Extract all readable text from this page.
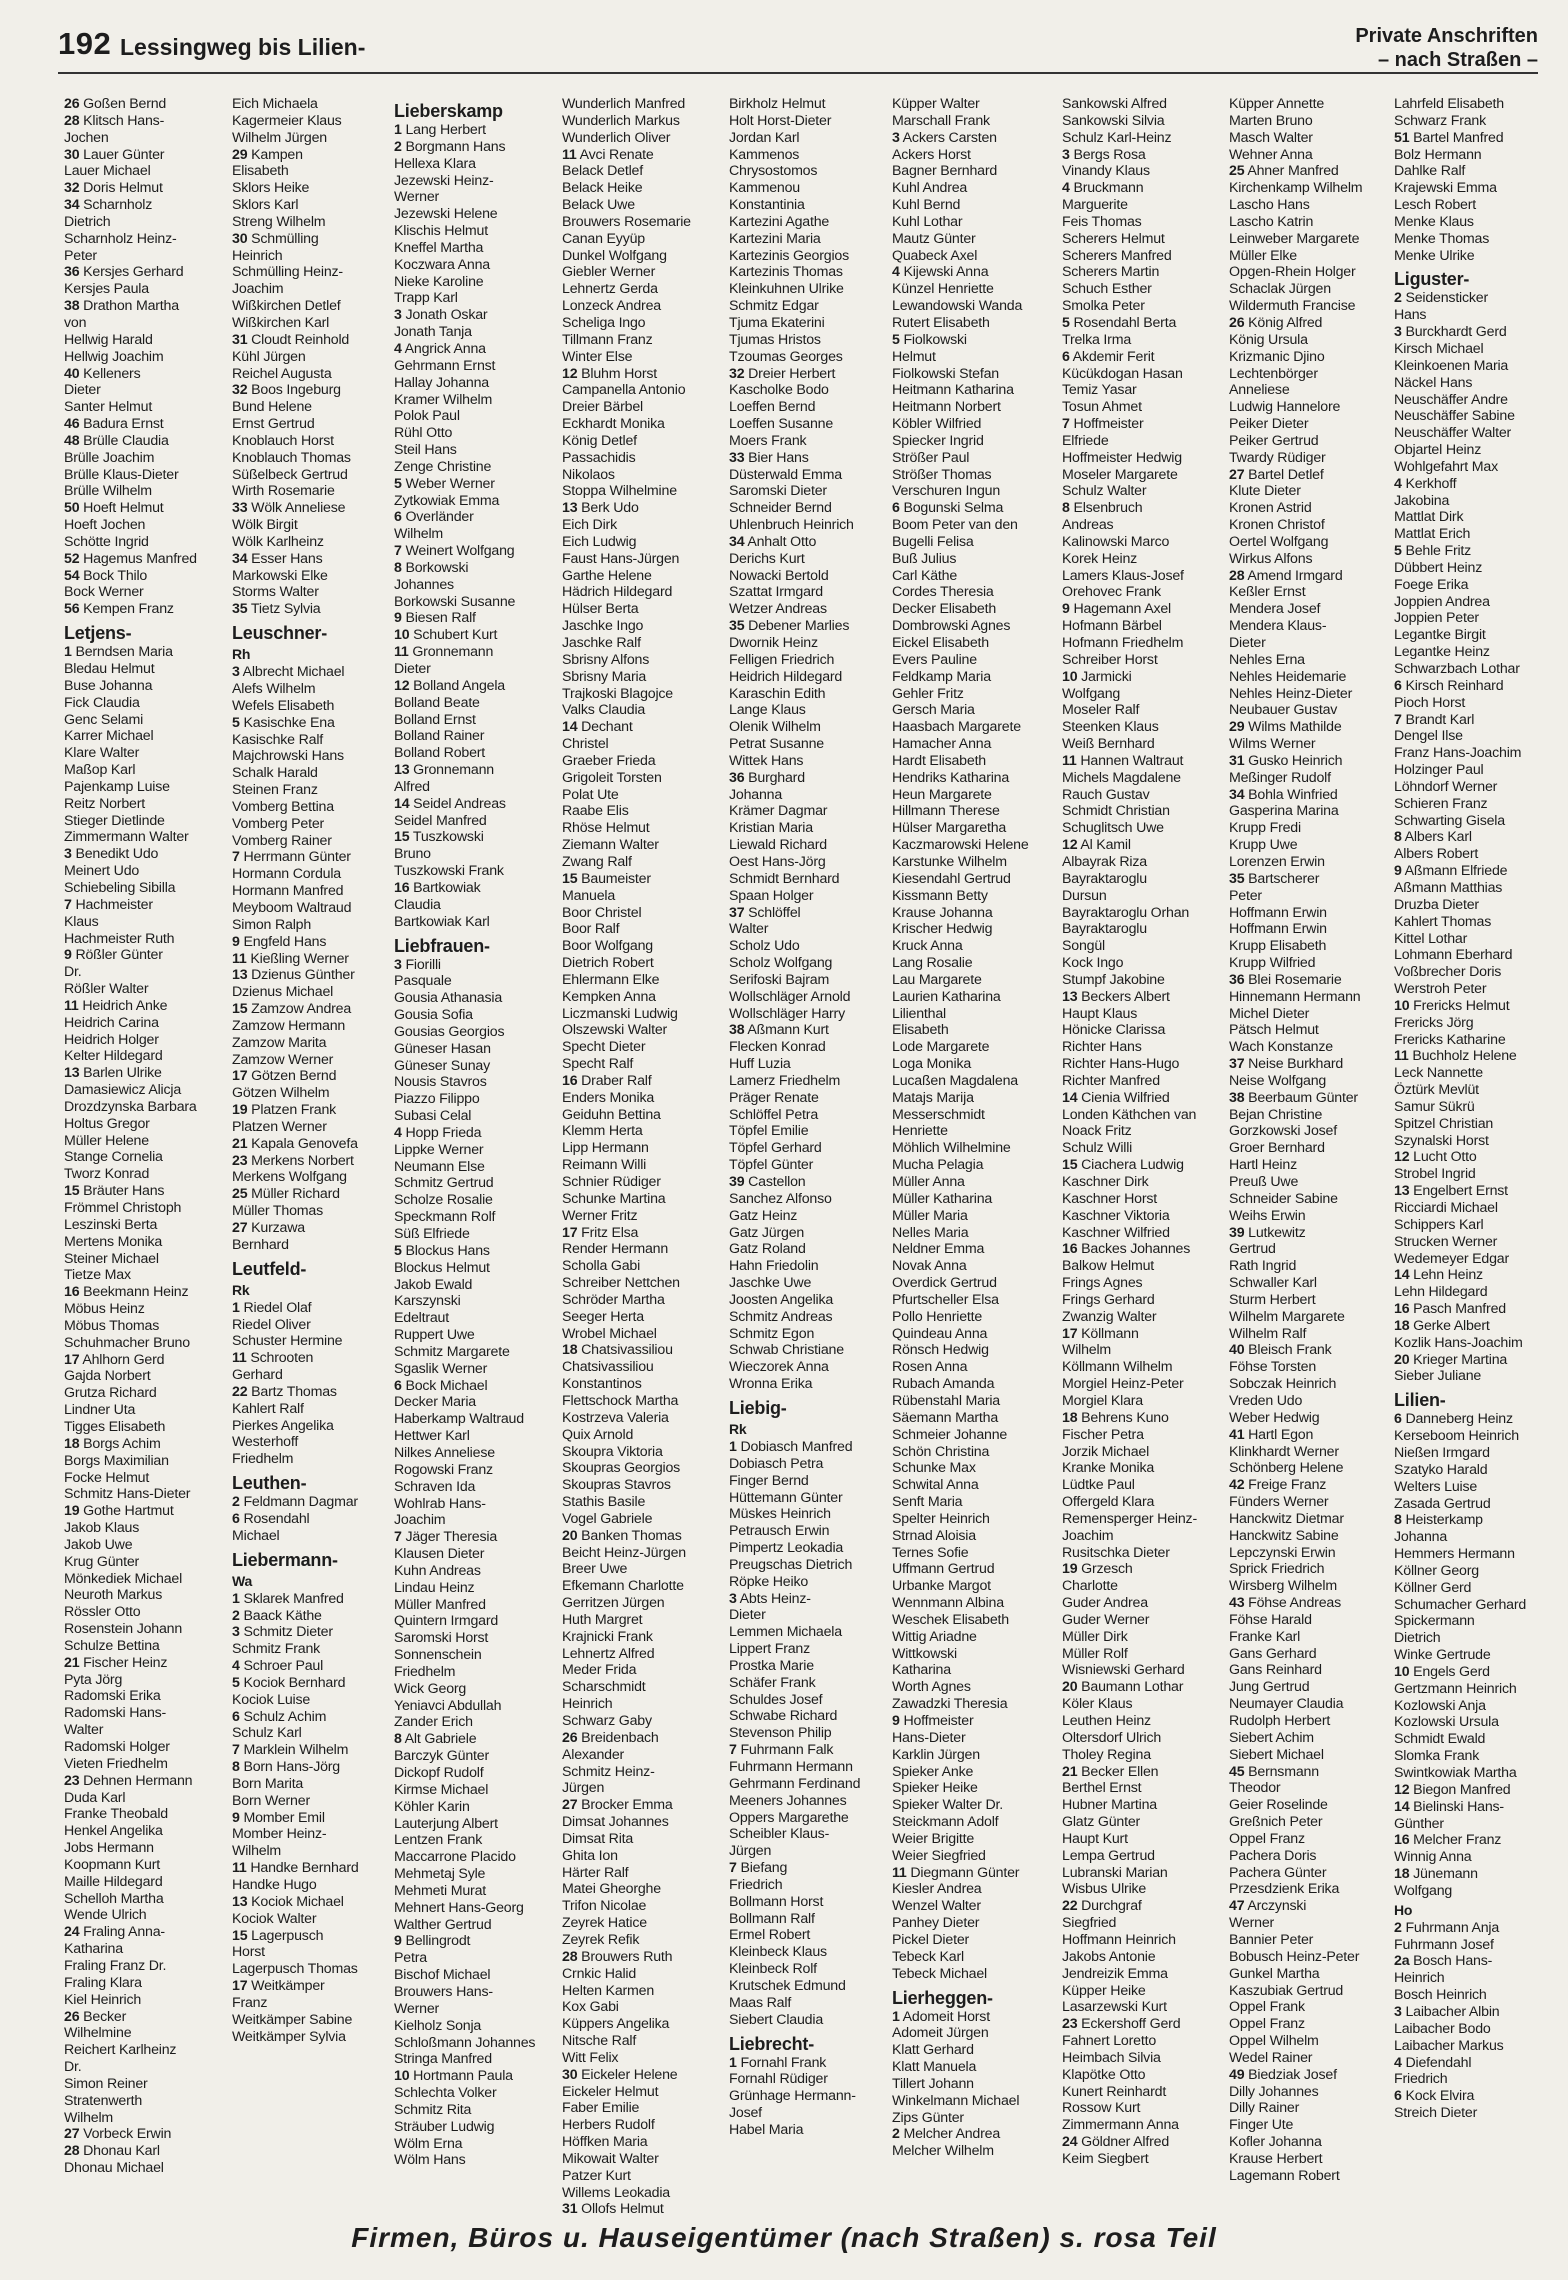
192 Lessingweg bis Lilien-	Private Anschriften
– nach Straßen –
26 Goßen Bernd
28 Klitsch Hans-
Jochen
30 Lauer Günter
Lauer Michael
32 Doris Helmut
34 Scharnholz
Dietrich
Scharnholz Heinz-
Peter
36 Kersjes Gerhard
Kersjes Paula
38 Drathon Martha
von
Hellwig Harald
Hellwig Joachim
40 Kelleners
Dieter
Santer Helmut
46 Badura Ernst
48 Brülle Claudia
Brülle Joachim
Brülle Klaus-Dieter
Brülle Wilhelm
50 Hoeft Helmut
Hoeft Jochen
Schötte Ingrid
52 Hagemus Manfred
54 Bock Thilo
Bock Werner
56 Kempen Franz
Letjens-
1 Berndsen Maria
Bledau Helmut
Buse Johanna
Fick Claudia
Genc Selami
Karrer Michael
Klare Walter
Maßop Karl
Pajenkamp Luise
Reitz Norbert
Stieger Dietlinde
Zimmermann Walter
3 Benedikt Udo
Meinert Udo
Schiebeling Sibilla
7 Hachmeister
Klaus
Hachmeister Ruth
9 Rößler Günter
Dr.
Rößler Walter
11 Heidrich Anke
Heidrich Carina
Heidrich Holger
Kelter Hildegard
13 Barlen Ulrike
Damasiewicz Alicja
Drozdzynska Barbara
Holtus Gregor
Müller Helene
Stange Cornelia
Tworz Konrad
15 Bräuter Hans
Frömmel Christoph
Leszinski Berta
Mertens Monika
Steiner Michael
Tietze Max
16 Beekmann Heinz
Möbus Heinz
Möbus Thomas
Schuhmacher Bruno
17 Ahlhorn Gerd
Gajda Norbert
Grutza Richard
Lindner Uta
Tigges Elisabeth
18 Borgs Achim
Borgs Maximilian
Focke Helmut
Schmitz Hans-Dieter
19 Gothe Hartmut
Jakob Klaus
Jakob Uwe
Krug Günter
Mönkediek Michael
Neuroth Markus
Rössler Otto
Rosenstein Johann
Schulze Bettina
21 Fischer Heinz
Pyta Jörg
Radomski Erika
Radomski Hans-
Walter
Radomski Holger
Vieten Friedhelm
23 Dehnen Hermann
Duda Karl
Franke Theobald
Henkel Angelika
Jobs Hermann
Koopmann Kurt
Maille Hildegard
Schelloh Martha
Wende Ulrich
24 Fraling Anna-
Katharina
Fraling Franz Dr.
Fraling Klara
Kiel Heinrich
26 Becker
Wilhelmine
Reichert Karlheinz
Dr.
Simon Reiner
Stratenwerth
Wilhelm
27 Vorbeck Erwin
28 Dhonau Karl
Dhonau Michael
Eich Michaela
Kagermeier Klaus
Wilhelm Jürgen
29 Kampen
Elisabeth
Sklors Heike
Sklors Karl
Streng Wilhelm
30 Schmülling
Heinrich
Schmülling Heinz-
Joachim
Wißkirchen Detlef
Wißkirchen Karl
31 Cloudt Reinhold
Kühl Jürgen
Reichel Augusta
32 Boos Ingeburg
Bund Helene
Ernst Gertrud
Knoblauch Horst
Knoblauch Thomas
Süßelbeck Gertrud
Wirth Rosemarie
33 Wölk Anneliese
Wölk Birgit
Wölk Karlheinz
34 Esser Hans
Markowski Elke
Storms Walter
35 Tietz Sylvia
Leuschner-
Rh
3 Albrecht Michael
Alefs Wilhelm
Wefels Elisabeth
5 Kasischke Ena
Kasischke Ralf
Majchrowski Hans
Schalk Harald
Steinen Franz
Vomberg Bettina
Vomberg Peter
Vomberg Rainer
7 Herrmann Günter
Hormann Cordula
Hormann Manfred
Meyboom Waltraud
Simon Ralph
9 Engfeld Hans
11 Kießling Werner
13 Dzienus Günther
Dzienus Michael
15 Zamzow Andrea
Zamzow Hermann
Zamzow Marita
Zamzow Werner
17 Götzen Bernd
Götzen Wilhelm
19 Platzen Frank
Platzen Werner
21 Kapala Genovefa
23 Merkens Norbert
Merkens Wolfgang
25 Müller Richard
Müller Thomas
27 Kurzawa
Bernhard
Leutfeld-
Rk
1 Riedel Olaf
Riedel Oliver
Schuster Hermine
11 Schrooten
Gerhard
22 Bartz Thomas
Kahlert Ralf
Pierkes Angelika
Westerhoff
Friedhelm
Leuthen-
2 Feldmann Dagmar
6 Rosendahl
Michael
Liebermann-
Wa
1 Sklarek Manfred
2 Baack Käthe
3 Schmitz Dieter
Schmitz Frank
4 Schroer Paul
5 Kociok Bernhard
Kociok Luise
6 Schulz Achim
Schulz Karl
7 Marklein Wilhelm
8 Born Hans-Jörg
Born Marita
Born Werner
9 Momber Emil
Momber Heinz-
Wilhelm
11 Handke Bernhard
Handke Hugo
13 Kociok Michael
Kociok Walter
15 Lagerpusch
Horst
Lagerpusch Thomas
17 Weitkämper
Franz
Weitkämper Sabine
Weitkämper Sylvia
Lieberskamp
1 Lang Herbert
2 Borgmann Hans
Hellexa Klara
Jezewski Heinz-
Werner
Jezewski Helene
Klischis Helmut
Kneffel Martha
Koczwara Anna
Nieke Karoline
Trapp Karl
3 Jonath Oskar
Jonath Tanja
4 Angrick Anna
Gehrmann Ernst
Hallay Johanna
Kramer Wilhelm
Polok Paul
Rühl Otto
Steil Hans
Zenge Christine
5 Weber Werner
Zytkowiak Emma
6 Overländer
Wilhelm
7 Weinert Wolfgang
8 Borkowski
Johannes
Borkowski Susanne
9 Biesen Ralf
10 Schubert Kurt
11 Gronnemann
Dieter
12 Bolland Angela
Bolland Beate
Bolland Ernst
Bolland Rainer
Bolland Robert
13 Gronnemann
Alfred
14 Seidel Andreas
Seidel Manfred
15 Tuszkowski
Bruno
Tuszkowski Frank
16 Bartkowiak
Claudia
Bartkowiak Karl
Liebfrauen-
3 Fiorilli
Pasquale
Gousia Athanasia
Gousia Sofia
Gousias Georgios
Güneser Hasan
Güneser Sunay
Nousis Stavros
Piazzo Filippo
Subasi Celal
4 Hopp Frieda
Lippke Werner
Neumann Else
Schmitz Gertrud
Scholze Rosalie
Speckmann Rolf
Süß Elfriede
5 Blockus Hans
Blockus Helmut
Jakob Ewald
Karszynski
Edeltraut
Ruppert Uwe
Schmitz Margarete
Sgaslik Werner
6 Bock Michael
Decker Maria
Haberkamp Waltraud
Hettwer Karl
Nilkes Anneliese
Rogowski Franz
Schraven Ida
Wohlrab Hans-
Joachim
7 Jäger Theresia
Klausen Dieter
Kuhn Andreas
Lindau Heinz
Müller Manfred
Quintern Irmgard
Saromski Horst
Sonnenschein
Friedhelm
Wick Georg
Yeniavci Abdullah
Zander Erich
8 Alt Gabriele
Barczyk Günter
Dickopf Rudolf
Kirmse Michael
Köhler Karin
Lauterjung Albert
Lentzen Frank
Maccarrone Placido
Mehmetaj Syle
Mehmeti Murat
Mehnert Hans-Georg
Walther Gertrud
9 Bellingrodt
Petra
Bischof Michael
Brouwers Hans-
Werner
Kielholz Sonja
Schloßmann Johannes
Stringa Manfred
10 Hortmann Paula
Schlechta Volker
Schmitz Rita
Sträuber Ludwig
Wölm Erna
Wölm Hans
Wunderlich Manfred
Wunderlich Markus
Wunderlich Oliver
11 Avci Renate
Belack Detlef
Belack Heike
Belack Uwe
Brouwers Rosemarie
Canan Eyyüp
Dunkel Wolfgang
Giebler Werner
Lehnertz Gerda
Lonzeck Andrea
Scheliga Ingo
Tillmann Franz
Winter Else
12 Bluhm Horst
Campanella Antonio
Dreier Bärbel
Eckhardt Monika
König Detlef
Passachidis
Nikolaos
Stoppa Wilhelmine
13 Berk Udo
Eich Dirk
Eich Ludwig
Faust Hans-Jürgen
Garthe Helene
Hädrich Hildegard
Hülser Berta
Jaschke Ingo
Jaschke Ralf
Sbrisny Alfons
Sbrisny Maria
Trajkoski Blagojce
Valks Claudia
14 Dechant
Christel
Graeber Frieda
Grigoleit Torsten
Polat Ute
Raabe Elis
Rhöse Helmut
Ziemann Walter
Zwang Ralf
15 Baumeister
Manuela
Boor Christel
Boor Ralf
Boor Wolfgang
Dietrich Robert
Ehlermann Elke
Kempken Anna
Liczmanski Ludwig
Olszewski Walter
Specht Dieter
Specht Ralf
16 Draber Ralf
Enders Monika
Geiduhn Bettina
Klemm Herta
Lipp Hermann
Reimann Willi
Schnier Rüdiger
Schunke Martina
Werner Fritz
17 Fritz Elsa
Render Hermann
Scholla Gabi
Schreiber Nettchen
Schröder Martha
Seeger Herta
Wrobel Michael
18 Chatsivassiliou
Chatsivassiliou
Konstantinos
Flettschock Martha
Kostrzeva Valeria
Quix Arnold
Skoupra Viktoria
Skoupras Georgios
Skoupras Stavros
Stathis Basile
Vogel Gabriele
20 Banken Thomas
Beicht Heinz-Jürgen
Breer Uwe
Efkemann Charlotte
Gerritzen Jürgen
Huth Margret
Krajnicki Frank
Lehnertz Alfred
Meder Frida
Scharschmidt
Heinrich
Schwarz Gaby
26 Breidenbach
Alexander
Schmitz Heinz-
Jürgen
27 Brocker Emma
Dimsat Johannes
Dimsat Rita
Ghita Ion
Härter Ralf
Matei Gheorghe
Trifon Nicolae
Zeyrek Hatice
Zeyrek Refik
28 Brouwers Ruth
Crnkic Halid
Helten Karmen
Kox Gabi
Küppers Angelika
Nitsche Ralf
Witt Felix
30 Eickeler Helene
Eickeler Helmut
Faber Emilie
Herbers Rudolf
Höffken Maria
Mikowait Walter
Patzer Kurt
Willems Leokadia
31 Ollofs Helmut
Birkholz Helmut
Holt Horst-Dieter
Jordan Karl
Kammenos
Chrysostomos
Kammenou
Konstantinia
Kartezini Agathe
Kartezini Maria
Kartezinis Georgios
Kartezinis Thomas
Kleinkuhnen Ulrike
Schmitz Edgar
Tjuma Ekaterini
Tjumas Hristos
Tzoumas Georges
32 Dreier Herbert
Kascholke Bodo
Loeffen Bernd
Loeffen Susanne
Moers Frank
33 Bier Hans
Düsterwald Emma
Saromski Dieter
Schneider Bernd
Uhlenbruch Heinrich
34 Anhalt Otto
Derichs Kurt
Nowacki Bertold
Szattat Irmgard
Wetzer Andreas
35 Debener Marlies
Dwornik Heinz
Felligen Friedrich
Heidrich Hildegard
Karaschin Edith
Lange Klaus
Olenik Wilhelm
Petrat Susanne
Wittek Hans
36 Burghard
Johanna
Krämer Dagmar
Kristian Maria
Liewald Richard
Oest Hans-Jörg
Schmidt Bernhard
Spaan Holger
37 Schlöffel
Walter
Scholz Udo
Scholz Wolfgang
Serifoski Bajram
Wollschläger Arnold
Wollschläger Harry
38 Aßmann Kurt
Flecken Konrad
Huff Luzia
Lamerz Friedhelm
Präger Renate
Schlöffel Petra
Töpfel Emilie
Töpfel Gerhard
Töpfel Günter
39 Castellon
Sanchez Alfonso
Gatz Heinz
Gatz Jürgen
Gatz Roland
Hahn Friedolin
Jaschke Uwe
Joosten Angelika
Schmitz Andreas
Schmitz Egon
Schwab Christiane
Wieczorek Anna
Wronna Erika
Liebig-
Rk
1 Dobiasch Manfred
Dobiasch Petra
Finger Bernd
Hüttemann Günter
Müskes Heinrich
Petrausch Erwin
Pimpertz Leokadia
Preugschas Dietrich
Röpke Heiko
3 Abts Heinz-
Dieter
Lemmen Michaela
Lippert Franz
Prostka Marie
Schäfer Frank
Schuldes Josef
Schwabe Richard
Stevenson Philip
7 Fuhrmann Falk
Fuhrmann Hermann
Gehrmann Ferdinand
Meeners Johannes
Oppers Margarethe
Scheibler Klaus-
Jürgen
7 Biefang
Friedrich
Bollmann Horst
Bollmann Ralf
Ermel Robert
Kleinbeck Klaus
Kleinbeck Rolf
Krutschek Edmund
Maas Ralf
Siebert Claudia
Liebrecht-
1 Fornahl Frank
Fornahl Rüdiger
Grünhage Hermann-
Josef
Habel Maria
Küpper Walter
Marschall Frank
3 Ackers Carsten
Ackers Horst
Bagner Bernhard
Kuhl Andrea
Kuhl Bernd
Kuhl Lothar
Mautz Günter
Quabeck Axel
4 Kijewski Anna
Künzel Henriette
Lewandowski Wanda
Rutert Elisabeth
5 Fiolkowski
Helmut
Fiolkowski Stefan
Heitmann Katharina
Heitmann Norbert
Köbler Wilfried
Spiecker Ingrid
Strößer Paul
Strößer Thomas
Verschuren Ingun
6 Bogunski Selma
Boom Peter van den
Bugelli Felisa
Buß Julius
Carl Käthe
Cordes Theresia
Decker Elisabeth
Dombrowski Agnes
Eickel Elisabeth
Evers Pauline
Feldkamp Maria
Gehler Fritz
Gersch Maria
Haasbach Margarete
Hamacher Anna
Hardt Elisabeth
Hendriks Katharina
Heun Margarete
Hillmann Therese
Hülser Margaretha
Kaczmarowski Helene
Karstunke Wilhelm
Kiesendahl Gertrud
Kissmann Betty
Krause Johanna
Krischer Hedwig
Kruck Anna
Lang Rosalie
Lau Margarete
Laurien Katharina
Lilienthal
Elisabeth
Lode Margarete
Loga Monika
Lucaßen Magdalena
Matajs Marija
Messerschmidt
Henriette
Möhlich Wilhelmine
Mucha Pelagia
Müller Anna
Müller Katharina
Müller Maria
Nelles Maria
Neldner Emma
Novak Anna
Overdick Gertrud
Pfurtscheller Elsa
Pollo Henriette
Quindeau Anna
Rönsch Hedwig
Rosen Anna
Rubach Amanda
Rübenstahl Maria
Säemann Martha
Schmeier Johanne
Schön Christina
Schunke Max
Schwital Anna
Senft Maria
Spelter Heinrich
Strnad Aloisia
Ternes Sofie
Uffmann Gertrud
Urbanke Margot
Wennmann Albina
Weschek Elisabeth
Wittig Ariadne
Wittkowski
Katharina
Worth Agnes
Zawadzki Theresia
9 Hoffmeister
Hans-Dieter
Karklin Jürgen
Spieker Anke
Spieker Heike
Spieker Walter Dr.
Steickmann Adolf
Weier Brigitte
Weier Siegfried
11 Diegmann Günter
Kiesler Andrea
Wenzel Walter
Panhey Dieter
Pickel Dieter
Tebeck Karl
Tebeck Michael
Lierheggen-
1 Adomeit Horst
Adomeit Jürgen
Klatt Gerhard
Klatt Manuela
Tillert Johann
Winkelmann Michael
Zips Günter
2 Melcher Andrea
Melcher Wilhelm
Sankowski Alfred
Sankowski Silvia
Schulz Karl-Heinz
3 Bergs Rosa
Vinandy Klaus
4 Bruckmann
Marguerite
Feis Thomas
Scherers Helmut
Scherers Manfred
Scherers Martin
Schuch Esther
Smolka Peter
5 Rosendahl Berta
Trelka Irma
6 Akdemir Ferit
Kücükdogan Hasan
Temiz Yasar
Tosun Ahmet
7 Hoffmeister
Elfriede
Hoffmeister Hedwig
Moseler Margarete
Schulz Walter
8 Elsenbruch
Andreas
Kalinowski Marco
Korek Heinz
Lamers Klaus-Josef
Orehovec Frank
9 Hagemann Axel
Hofmann Bärbel
Hofmann Friedhelm
Schreiber Horst
10 Jarmicki
Wolfgang
Moseler Ralf
Steenken Klaus
Weiß Bernhard
11 Hannen Waltraut
Michels Magdalene
Rauch Gustav
Schmidt Christian
Schuglitsch Uwe
12 Al Kamil
Albayrak Riza
Bayraktaroglu
Dursun
Bayraktaroglu Orhan
Bayraktaroglu
Songül
Kock Ingo
Stumpf Jakobine
13 Beckers Albert
Haupt Klaus
Hönicke Clarissa
Richter Hans
Richter Hans-Hugo
Richter Manfred
14 Cienia Wilfried
Londen Käthchen van
Noack Fritz
Schulz Willi
15 Ciachera Ludwig
Kaschner Dirk
Kaschner Horst
Kaschner Viktoria
Kaschner Wilfried
16 Backes Johannes
Balkow Helmut
Frings Agnes
Frings Gerhard
Zwanzig Walter
17 Köllmann
Wilhelm
Köllmann Wilhelm
Morgiel Heinz-Peter
Morgiel Klara
18 Behrens Kuno
Fischer Petra
Jorzik Michael
Kranke Monika
Lüdtke Paul
Offergeld Klara
Remensperger Heinz-
Joachim
Rusitschka Dieter
19 Grzesch
Charlotte
Guder Andrea
Guder Werner
Müller Dirk
Müller Rolf
Wisniewski Gerhard
20 Baumann Lothar
Köler Klaus
Leuthen Heinz
Oltersdorf Ulrich
Tholey Regina
21 Becker Ellen
Berthel Ernst
Hubner Martina
Glatz Günter
Haupt Kurt
Lempa Gertrud
Lubranski Marian
Wisbus Ulrike
22 Durchgraf
Siegfried
Hoffmann Heinrich
Jakobs Antonie
Jendreizik Emma
Küpper Heike
Lasarzewski Kurt
23 Eckershoff Gerd
Fahnert Loretto
Heimbach Silvia
Klapötke Otto
Kunert Reinhardt
Rossow Kurt
Zimmermann Anna
24 Göldner Alfred
Keim Siegbert
Küpper Annette
Marten Bruno
Masch Walter
Wehner Anna
25 Ahner Manfred
Kirchenkamp Wilhelm
Lascho Hans
Lascho Katrin
Leinweber Margarete
Müller Elke
Opgen-Rhein Holger
Schaclak Jürgen
Wildermuth Francise
26 König Alfred
König Ursula
Krizmanic Djino
Lechtenbörger
Anneliese
Ludwig Hannelore
Peiker Dieter
Peiker Gertrud
Twardy Rüdiger
27 Bartel Detlef
Klute Dieter
Kronen Astrid
Kronen Christof
Oertel Wolfgang
Wirkus Alfons
28 Amend Irmgard
Keßler Ernst
Mendera Josef
Mendera Klaus-
Dieter
Nehles Erna
Nehles Heidemarie
Nehles Heinz-Dieter
Neubauer Gustav
29 Wilms Mathilde
Wilms Werner
31 Gusko Heinrich
Meßinger Rudolf
34 Bohla Winfried
Gasperina Marina
Krupp Fredi
Krupp Uwe
Lorenzen Erwin
35 Bartscherer
Peter
Hoffmann Erwin
Hoffmann Erwin
Krupp Elisabeth
Krupp Wilfried
36 Blei Rosemarie
Hinnemann Hermann
Michel Dieter
Pätsch Helmut
Wach Konstanze
37 Neise Burkhard
Neise Wolfgang
38 Beerbaum Günter
Bejan Christine
Gorzkowski Josef
Groer Bernhard
Hartl Heinz
Preuß Uwe
Schneider Sabine
Weihs Erwin
39 Lutkewitz
Gertrud
Rath Ingrid
Schwaller Karl
Sturm Herbert
Wilhelm Margarete
Wilhelm Ralf
40 Bleisch Frank
Föhse Torsten
Sobczak Heinrich
Vreden Udo
Weber Hedwig
41 Hartl Egon
Klinkhardt Werner
Schönberg Helene
42 Freige Franz
Fünders Werner
Hanckwitz Dietmar
Hanckwitz Sabine
Lepczynski Erwin
Sprick Friedrich
Wirsberg Wilhelm
43 Föhse Andreas
Föhse Harald
Franke Karl
Gans Gerhard
Gans Reinhard
Jung Gertrud
Neumayer Claudia
Rudolph Herbert
Siebert Achim
Siebert Michael
45 Bernsmann
Theodor
Geier Roselinde
Greßnich Peter
Oppel Franz
Pachera Doris
Pachera Günter
Przesdzienk Erika
47 Arczynski
Werner
Bannier Peter
Bobusch Heinz-Peter
Gunkel Martha
Kaszubiak Gertrud
Oppel Frank
Oppel Franz
Oppel Wilhelm
Wedel Rainer
49 Biedziak Josef
Dilly Johannes
Dilly Rainer
Finger Ute
Kofler Johanna
Krause Herbert
Lagemann Robert
Lahrfeld Elisabeth
Schwarz Frank
51 Bartel Manfred
Bolz Hermann
Dahlke Ralf
Krajewski Emma
Lesch Robert
Menke Klaus
Menke Thomas
Menke Ulrike
Liguster-
2 Seidensticker
Hans
3 Burckhardt Gerd
Kirsch Michael
Kleinkoenen Maria
Näckel Hans
Neuschäffer Andre
Neuschäffer Sabine
Neuschäffer Walter
Objartel Heinz
Wohlgefahrt Max
4 Kerkhoff
Jakobina
Mattlat Dirk
Mattlat Erich
5 Behle Fritz
Dübbert Heinz
Foege Erika
Joppien Andrea
Joppien Peter
Legantke Birgit
Legantke Heinz
Schwarzbach Lothar
6 Kirsch Reinhard
Pioch Horst
7 Brandt Karl
Dengel Ilse
Franz Hans-Joachim
Holzinger Paul
Löhndorf Werner
Schieren Franz
Schwarting Gisela
8 Albers Karl
Albers Robert
9 Aßmann Elfriede
Aßmann Matthias
Druzba Dieter
Kahlert Thomas
Kittel Lothar
Lohmann Eberhard
Voßbrecher Doris
Werstroh Peter
10 Frericks Helmut
Frericks Jörg
Frericks Katharine
11 Buchholz Helene
Leck Nannette
Öztürk Mevlüt
Samur Sükrü
Spitzel Christian
Szynalski Horst
12 Lucht Otto
Strobel Ingrid
13 Engelbert Ernst
Ricciardi Michael
Schippers Karl
Strucken Werner
Wedemeyer Edgar
14 Lehn Heinz
Lehn Hildegard
16 Pasch Manfred
18 Gerke Albert
Kozlik Hans-Joachim
20 Krieger Martina
Sieber Juliane
Lilien-
6 Danneberg Heinz
Kerseboom Heinrich
Nießen Irmgard
Szatyko Harald
Welters Luise
Zasada Gertrud
8 Heisterkamp
Johanna
Hemmers Hermann
Köllner Georg
Köllner Gerd
Schumacher Gerhard
Spickermann
Dietrich
Winke Gertrude
10 Engels Gerd
Gertzmann Heinrich
Kozlowski Anja
Kozlowski Ursula
Schmidt Ewald
Slomka Frank
Swintkowiak Martha
12 Biegon Manfred
14 Bielinski Hans-
Günther
16 Melcher Franz
Winnig Anna
18 Jünemann
Wolfgang
Ho
2 Fuhrmann Anja
Fuhrmann Josef
2a Bosch Hans-
Heinrich
Bosch Heinrich
3 Laibacher Albin
Laibacher Bodo
Laibacher Markus
4 Diefendahl
Friedrich
6 Kock Elvira
Streich Dieter
Firmen, Büros u. Hauseigentümer (nach Straßen) s. rosa Teil
